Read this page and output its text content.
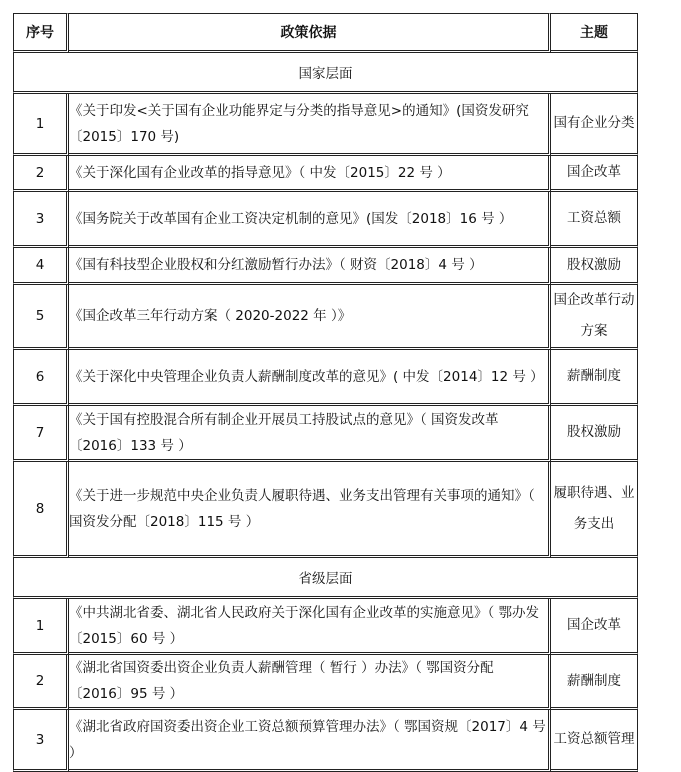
序号	政策依据	主题
国家层面		
1	《关于印发<关于国有企业功能界定与分类的指导意见>的通知》(国资发研究〔2015〕170 号)	国有企业分类
2	《关于深化国有企业改革的指导意见》（ 中发〔2015〕22 号 ）	国企改革
3	《国务院关于改革国有企业工资决定机制的意见》(国发〔2018〕16 号 ）	工资总额
4	《国有科技型企业股权和分红激励暂行办法》（ 财资〔2018〕4 号 ）	股权激励
5	《国企改革三年行动方案（ 2020-2022 年 ）》	国企改革行动方案
6	《关于深化中央管理企业负责人薪酬制度改革的意见》( 中发〔2014〕12 号 ）	薪酬制度
7	《关于国有控股混合所有制企业开展员工持股试点的意见》（ 国资发改革〔2016〕133 号 ）	股权激励
8	《关于进一步规范中央企业负责人履职待遇、业务支出管理有关事项的通知》（ 国资发分配〔2018〕115 号 ）	履职待遇、业务支出
省级层面		
1	《中共湖北省委、湖北省人民政府关于深化国有企业改革的实施意见》（ 鄂办发〔2015〕60 号 ）	国企改革
2	《湖北省国资委出资企业负责人薪酬管理（ 暂行 ）办法》（ 鄂国资分配〔2016〕95 号 ）	薪酬制度
3	《湖北省政府国资委出资企业工资总额预算管理办法》（ 鄂国资规〔2017〕4 号 ）	工资总额管理
